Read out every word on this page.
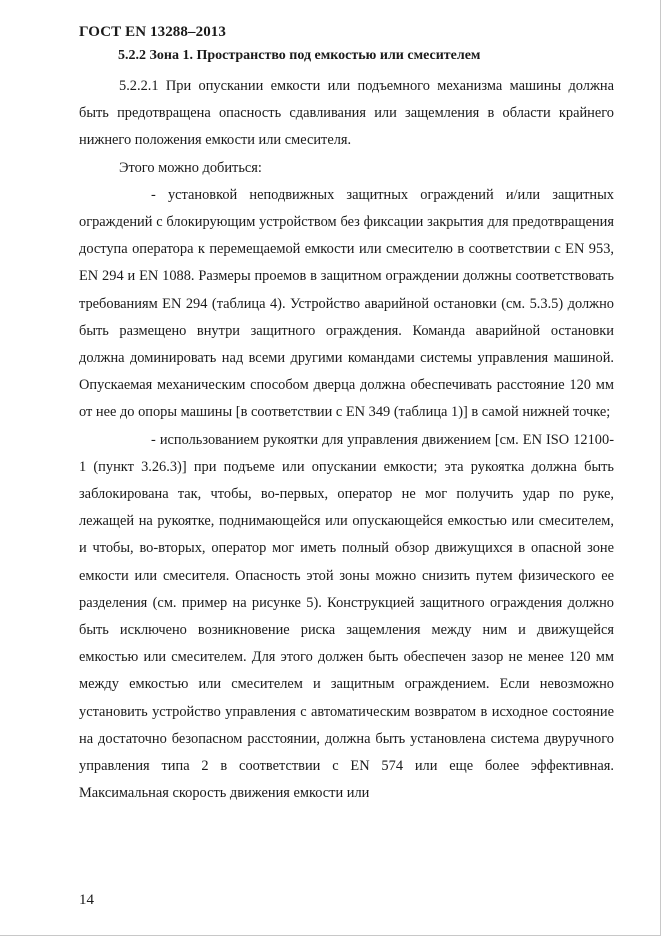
ГОСТ EN 13288–2013
5.2.2 Зона 1. Пространство под емкостью или смесителем

5.2.2.1 При опускании емкости или подъемного механизма машины должна быть предотвращена опасность сдавливания или защемления в области крайнего нижнего положения емкости или смесителя.

Этого можно добиться:

- установкой неподвижных защитных ограждений и/или защитных ограждений с блокирующим устройством без фиксации закрытия для предотвращения доступа оператора к перемещаемой емкости или смесителю в соответствии с EN 953, EN 294 и EN 1088. Размеры проемов в защитном ограждении должны соответствовать требованиям EN 294 (таблица 4). Устройство аварийной остановки (см. 5.3.5) должно быть размещено внутри защитного ограждения. Команда аварийной остановки должна доминировать над всеми другими командами системы управления машиной. Опускаемая механическим способом дверца должна обеспечивать расстояние 120 мм от нее до опоры машины [в соответствии с EN 349 (таблица 1)] в самой нижней точке;

- использованием рукоятки для управления движением [см. EN ISO 12100-1 (пункт 3.26.3)] при подъеме или опускании емкости; эта рукоятка должна быть заблокирована так, чтобы, во-первых, оператор не мог получить удар по руке, лежащей на рукоятке, поднимающейся или опускающейся емкостью или смесителем, и чтобы, во-вторых, оператор мог иметь полный обзор движущихся в опасной зоне емкости или смесителя. Опасность этой зоны можно снизить путем физического ее разделения (см. пример на рисунке 5). Конструкцией защитного ограждения должно быть исключено возникновение риска защемления между ним и движущейся емкостью или смесителем. Для этого должен быть обеспечен зазор не менее 120 мм между емкостью или смесителем и защитным ограждением. Если невозможно установить устройство управления с автоматическим возвратом в исходное состояние на достаточно безопасном расстоянии, должна быть установлена система двуручного управления типа 2 в соответствии с EN 574 или еще более эффективная. Максимальная скорость движения емкости или

14
